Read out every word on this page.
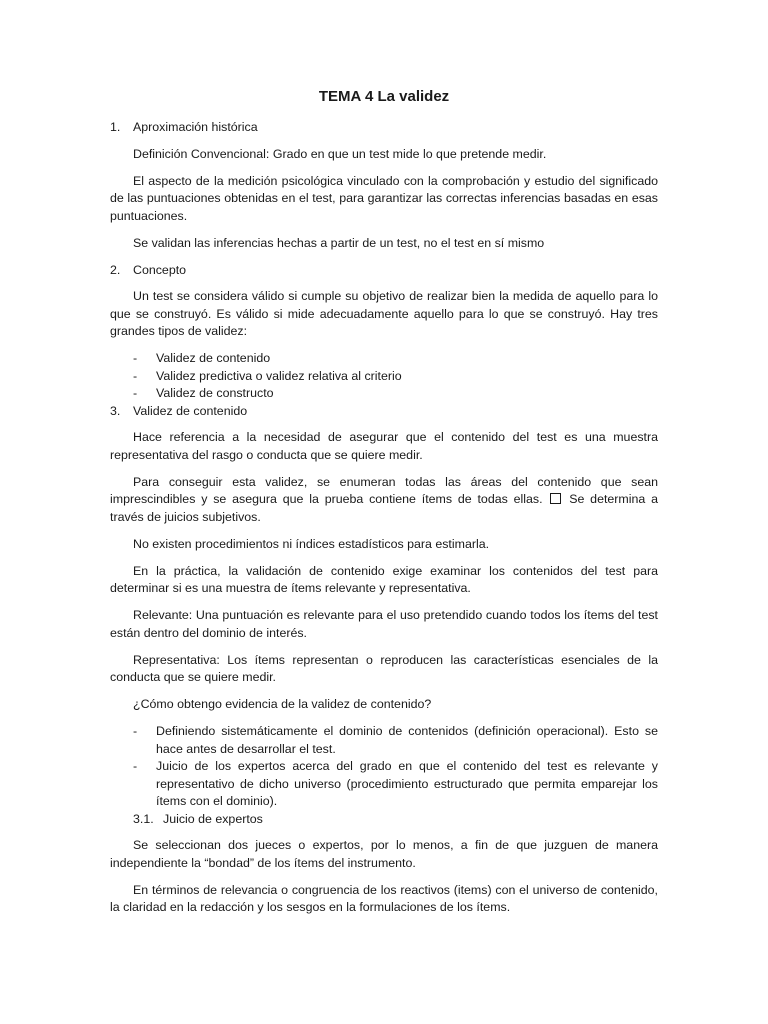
TEMA 4 La validez
1.	Aproximación histórica

Definición Convencional: Grado en que un test mide lo que pretende medir.

El aspecto de la medición psicológica vinculado con la comprobación y estudio del significado de las puntuaciones obtenidas en el test, para garantizar las correctas inferencias basadas en esas puntuaciones.

Se validan las inferencias hechas a partir de un test, no el test en sí mismo

2.	Concepto

Un test se considera válido si cumple su objetivo de realizar bien la medida de aquello para lo que se construyó. Es válido si mide adecuadamente aquello para lo que se construyó. Hay tres grandes tipos de validez:

- Validez de contenido
- Validez predictiva o validez relativa al criterio
- Validez de constructo
3.	Validez de contenido

Hace referencia a la necesidad de asegurar que el contenido del test es una muestra representativa del rasgo o conducta que se quiere medir.

Para conseguir esta validez, se enumeran todas las áreas del contenido que sean imprescindibles y se asegura que la prueba contiene ítems de todas ellas. Se determina a través de juicios subjetivos.

No existen procedimientos ni índices estadísticos para estimarla.

En la práctica, la validación de contenido exige examinar los contenidos del test para determinar si es una muestra de ítems relevante y representativa.

Relevante: Una puntuación es relevante para el uso pretendido cuando todos los ítems del test están dentro del dominio de interés.

Representativa: Los ítems representan o reproducen las características esenciales de la conducta que se quiere medir.

¿Cómo obtengo evidencia de la validez de contenido?

- Definiendo sistemáticamente el dominio de contenidos (definición operacional). Esto se hace antes de desarrollar el test.
- Juicio de los expertos acerca del grado en que el contenido del test es relevante y representativo de dicho universo (procedimiento estructurado que permita emparejar los ítems con el dominio).
3.1. Juicio de expertos

Se seleccionan dos jueces o expertos, por lo menos, a fin de que juzguen de manera independiente la “bondad” de los ítems del instrumento.

En términos de relevancia o congruencia de los reactivos (items) con el universo de contenido, la claridad en la redacción y los sesgos en la formulaciones de los ítems.
